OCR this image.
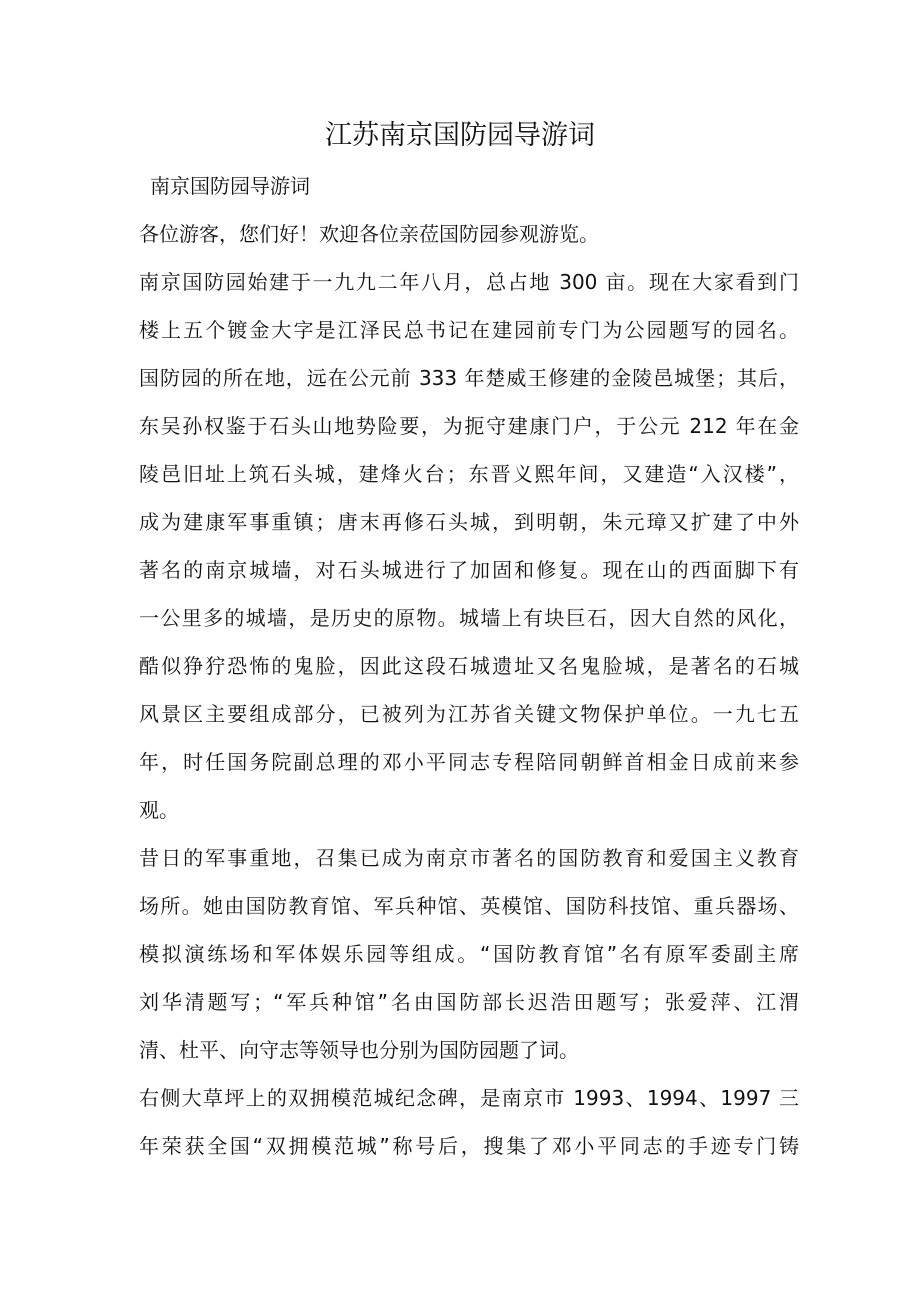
江苏南京国防园导游词

南京国防园导游词

各位游客，您们好！欢迎各位亲莅国防园参观游览。
南京国防园始建于一九九二年八月，总占地 300 亩。现在大家看到门
楼上五个镀金大字是江泽民总书记在建园前专门为公园题写的园名。
国防园的所在地，远在公元前 333 年楚威王修建的金陵邑城堡；其后，
东吴孙权鉴于石头山地势险要，为扼守建康门户，于公元 212 年在金
陵邑旧址上筑石头城，建烽火台；东晋义熙年间，又建造“入汉楼”，
成为建康军事重镇；唐末再修石头城，到明朝，朱元璋又扩建了中外
著名的南京城墙，对石头城进行了加固和修复。现在山的西面脚下有
一公里多的城墙，是历史的原物。城墙上有块巨石，因大自然的风化，
酷似狰狞恐怖的鬼脸，因此这段石城遗址又名鬼脸城，是著名的石城
风景区主要组成部分，已被列为江苏省关键文物保护单位。一九七五
年，时任国务院副总理的邓小平同志专程陪同朝鲜首相金日成前来参
观。
昔日的军事重地，召集已成为南京市著名的国防教育和爱国主义教育
场所。她由国防教育馆、军兵种馆、英模馆、国防科技馆、重兵器场、
模拟演练场和军体娱乐园等组成。“国防教育馆”名有原军委副主席
刘华清题写；“军兵种馆”名由国防部长迟浩田题写；张爱萍、江渭
清、杜平、向守志等领导也分别为国防园题了词。
右侧大草坪上的双拥模范城纪念碑，是南京市 1993、1994、1997 三
年荣获全国“双拥模范城”称号后，搜集了邓小平同志的手迹专门铸
